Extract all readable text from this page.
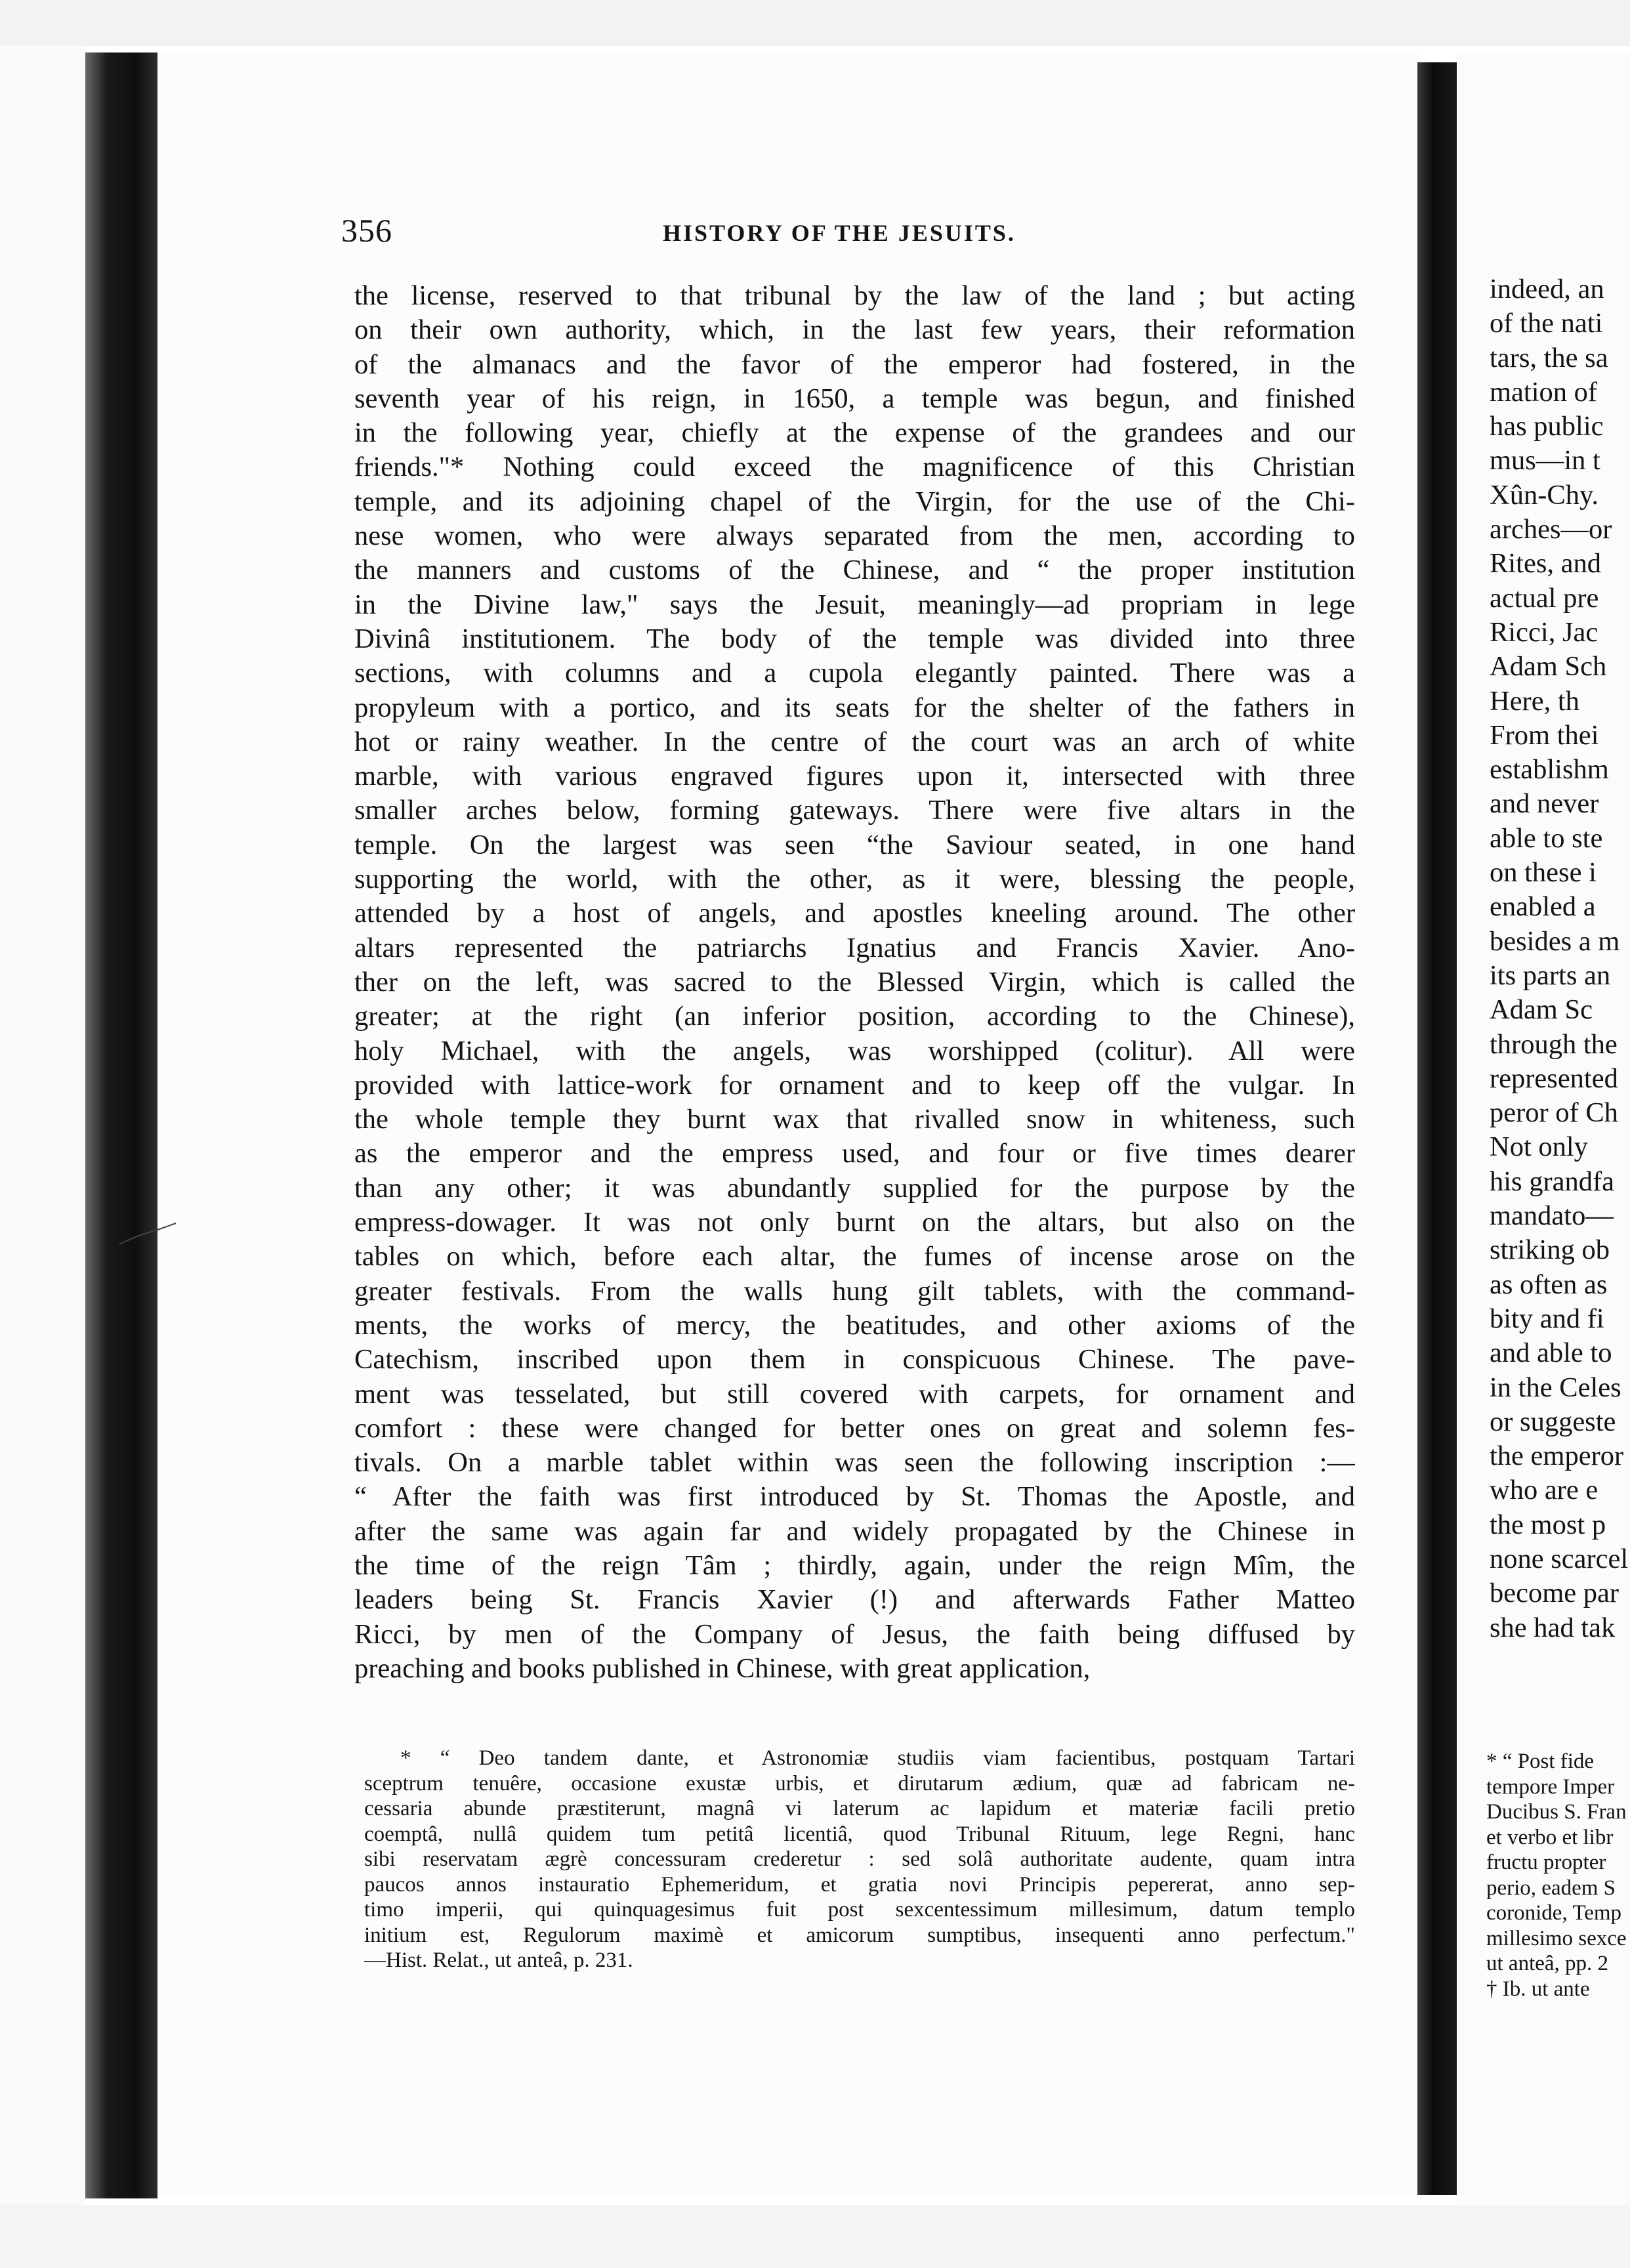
356	HISTORY OF THE JESUITS.
the license, reserved to that tribunal by the law of the land ; but acting
on their own authority, which, in the last few years, their reformation
of the almanacs and the favor of the emperor had fostered, in the
seventh year of his reign, in 1650, a temple was begun, and finished
in the following year, chiefly at the expense of the grandees and our
friends."* Nothing could exceed the magnificence of this Christian
temple, and its adjoining chapel of the Virgin, for the use of the Chi-
nese women, who were always separated from the men, according to
the manners and customs of the Chinese, and “ the proper institution
in the Divine law," says the Jesuit, meaningly—ad propriam in lege
Divinâ institutionem. The body of the temple was divided into three
sections, with columns and a cupola elegantly painted. There was a
propyleum with a portico, and its seats for the shelter of the fathers in
hot or rainy weather. In the centre of the court was an arch of white
marble, with various engraved figures upon it, intersected with three
smaller arches below, forming gateways. There were five altars in the
temple. On the largest was seen “the Saviour seated, in one hand
supporting the world, with the other, as it were, blessing the people,
attended by a host of angels, and apostles kneeling around. The other
altars represented the patriarchs Ignatius and Francis Xavier. Ano-
ther on the left, was sacred to the Blessed Virgin, which is called the
greater; at the right (an inferior position, according to the Chinese),
holy Michael, with the angels, was worshipped (colitur). All were
provided with lattice-work for ornament and to keep off the vulgar. In
the whole temple they burnt wax that rivalled snow in whiteness, such
as the emperor and the empress used, and four or five times dearer
than any other; it was abundantly supplied for the purpose by the
empress-dowager. It was not only burnt on the altars, but also on the
tables on which, before each altar, the fumes of incense arose on the
greater festivals. From the walls hung gilt tablets, with the command-
ments, the works of mercy, the beatitudes, and other axioms of the
Catechism, inscribed upon them in conspicuous Chinese. The pave-
ment was tesselated, but still covered with carpets, for ornament and
comfort : these were changed for better ones on great and solemn fes-
tivals. On a marble tablet within was seen the following inscription :—
“ After the faith was first introduced by St. Thomas the Apostle, and
after the same was again far and widely propagated by the Chinese in
the time of the reign Tâm ; thirdly, again, under the reign Mîm, the
leaders being St. Francis Xavier (!) and afterwards Father Matteo
Ricci, by men of the Company of Jesus, the faith being diffused by
preaching and books published in Chinese, with great application,
* “ Deo tandem dante, et Astronomiæ studiis viam facientibus, postquam Tartari
sceptrum tenuêre, occasione exustæ urbis, et dirutarum ædium, quæ ad fabricam ne-
cessaria abunde præstiterunt, magnâ vi laterum ac lapidum et materiæ facili pretio
coemptâ, nullâ quidem tum petitâ licentiâ, quod Tribunal Rituum, lege Regni, hanc
sibi reservatam ægrè concessuram crederetur : sed solâ authoritate audente, quam intra
paucos annos instauratio Ephemeridum, et gratia novi Principis pepererat, anno sep-
timo imperii, qui quinquagesimus fuit post sexcentessimum millesimum, datum templo
initium est, Regulorum maximè et amicorum sumptibus, insequenti anno perfectum."
—Hist. Relat., ut anteâ, p. 231.
indeed, an
of the nati
tars, the sa
mation of
has public
mus—in t
Xûn-Chy.
arches—or
Rites, and
actual pre
Ricci, Jac
Adam Sch
Here, th
From thei
establishm
and never
able to ste
on these i
enabled a
besides a m
its parts an
Adam Sc
through the
represented
peror of Ch
Not only
his grandfa
mandato—
striking ob
as often as
bity and fi
and able to
in the Celes
or suggeste
the emperor
who are e
the most p
none scarcel
become par
she had tak
* “ Post fide
tempore Imper
Ducibus S. Fran
et verbo et libr
fructu propter
perio, eadem S
coronide, Temp
millesimo sexce
ut anteâ, pp. 2
† Ib. ut ante
